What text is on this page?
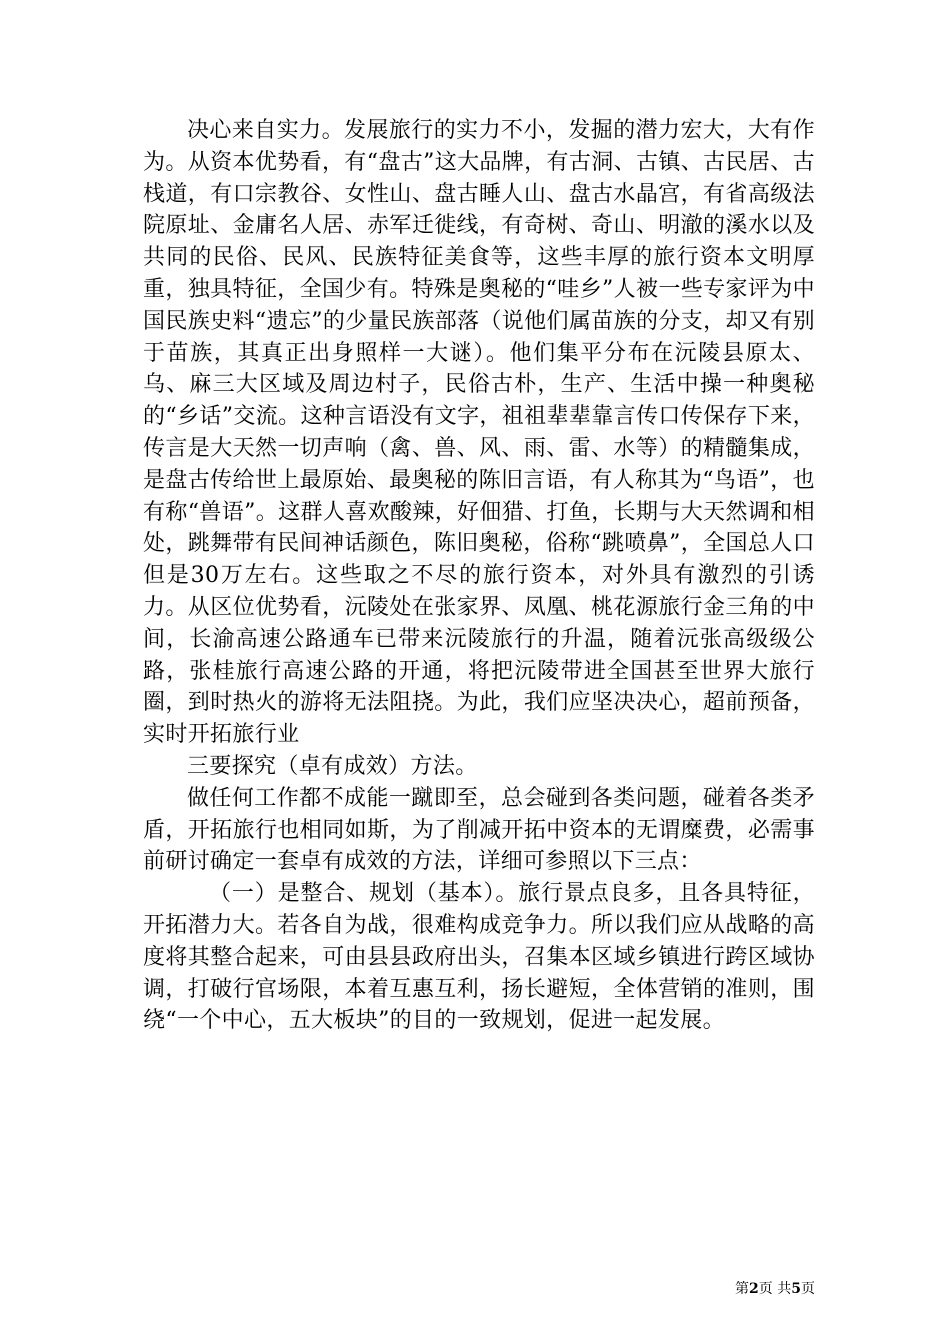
决心来自实力。发展旅行的实力不小，发掘的潜力宏大，大有作为。从资本优势看，有“盘古”这大品牌，有古洞、古镇、古民居、古栈道，有口宗教谷、女性山、盘古睡人山、盘古水晶宫，有省高级法院原址、金庸名人居、赤军迁徙线，有奇树、奇山、明澈的溪水以及共同的民俗、民风、民族特征美食等，这些丰厚的旅行资本文明厚重，独具特征，全国少有。特殊是奥秘的“哇乡”人被一些专家评为中国民族史料“遗忘”的少量民族部落（说他们属苗族的分支，却又有别于苗族，其真正出身照样一大谜）。他们集平分布在沅陵县原太、乌、麻三大区域及周边村子，民俗古朴，生产、生活中操一种奥秘的“乡话”交流。这种言语没有文字，祖祖辈辈靠言传口传保存下来，传言是大天然一切声响（禽、兽、风、雨、雷、水等）的精髓集成，是盘古传给世上最原始、最奥秘的陈旧言语，有人称其为“鸟语”，也有称“兽语”。这群人喜欢酸辣，好佃猎、打鱼，长期与大天然调和相处，跳舞带有民间神话颜色，陈旧奥秘，俗称“跳喷鼻”，全国总人口但是30万左右。这些取之不尽的旅行资本，对外具有激烈的引诱力。从区位优势看，沅陵处在张家界、凤凰、桃花源旅行金三角的中间，长渝高速公路通车已带来沅陵旅行的升温，随着沅张高级级公路，张桂旅行高速公路的开通，将把沅陵带进全国甚至世界大旅行圈，到时热火的游将无法阻挠。为此，我们应坚决决心，超前预备，实时开拓旅行业

三要探究（卓有成效）方法。

做任何工作都不成能一蹴即至，总会碰到各类问题，碰着各类矛盾，开拓旅行也相同如斯，为了削减开拓中资本的无谓糜费，必需事前研讨确定一套卓有成效的方法，详细可参照以下三点：

（一）是整合、规划（基本）。旅行景点良多，且各具特征，开拓潜力大。若各自为战，很难构成竞争力。所以我们应从战略的高度将其整合起来，可由县县政府出头，召集本区域乡镇进行跨区域协调，打破行官场限，本着互惠互利，扬长避短，全体营销的准则，围绕“一个中心，五大板块”的目的一致规划，促进一起发展。

第2页 共5页
